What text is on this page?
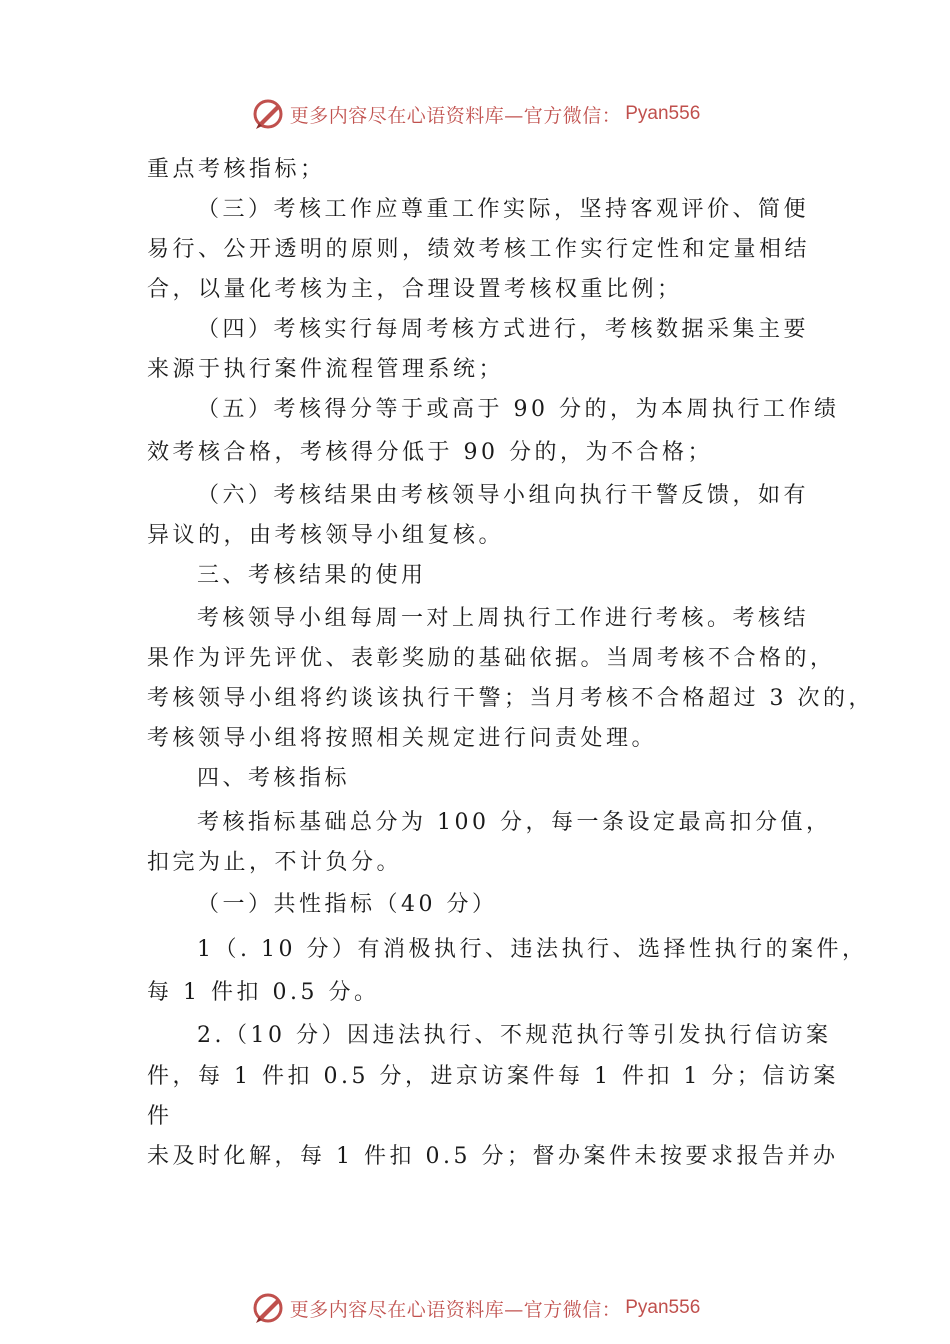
更多内容尽在心语资料库—官方微信： Pyan556
重点考核指标；
（三）考核工作应尊重工作实际，坚持客观评价、简便
易行、公开透明的原则，绩效考核工作实行定性和定量相结
合，以量化考核为主，合理设置考核权重比例；
（四）考核实行每周考核方式进行，考核数据采集主要
来源于执行案件流程管理系统；
（五）考核得分等于或高于 90 分的，为本周执行工作绩
效考核合格，考核得分低于 90 分的，为不合格；
（六）考核结果由考核领导小组向执行干警反馈，如有
异议的，由考核领导小组复核。
三、考核结果的使用
考核领导小组每周一对上周执行工作进行考核。考核结
果作为评先评优、表彰奖励的基础依据。当周考核不合格的，
考核领导小组将约谈该执行干警；当月考核不合格超过 3 次的，
考核领导小组将按照相关规定进行问责处理。
四、考核指标
考核指标基础总分为 100 分，每一条设定最高扣分值，
扣完为止，不计负分。
（一）共性指标（40 分）
1（. 10 分）有消极执行、违法执行、选择性执行的案件，
每 1 件扣 0.5 分。
2.（10 分）因违法执行、不规范执行等引发执行信访案
件，每 1 件扣 0.5 分，进京访案件每 1 件扣 1 分；信访案
件
未及时化解，每 1 件扣 0.5 分；督办案件未按要求报告并办
更多内容尽在心语资料库—官方微信： Pyan556
